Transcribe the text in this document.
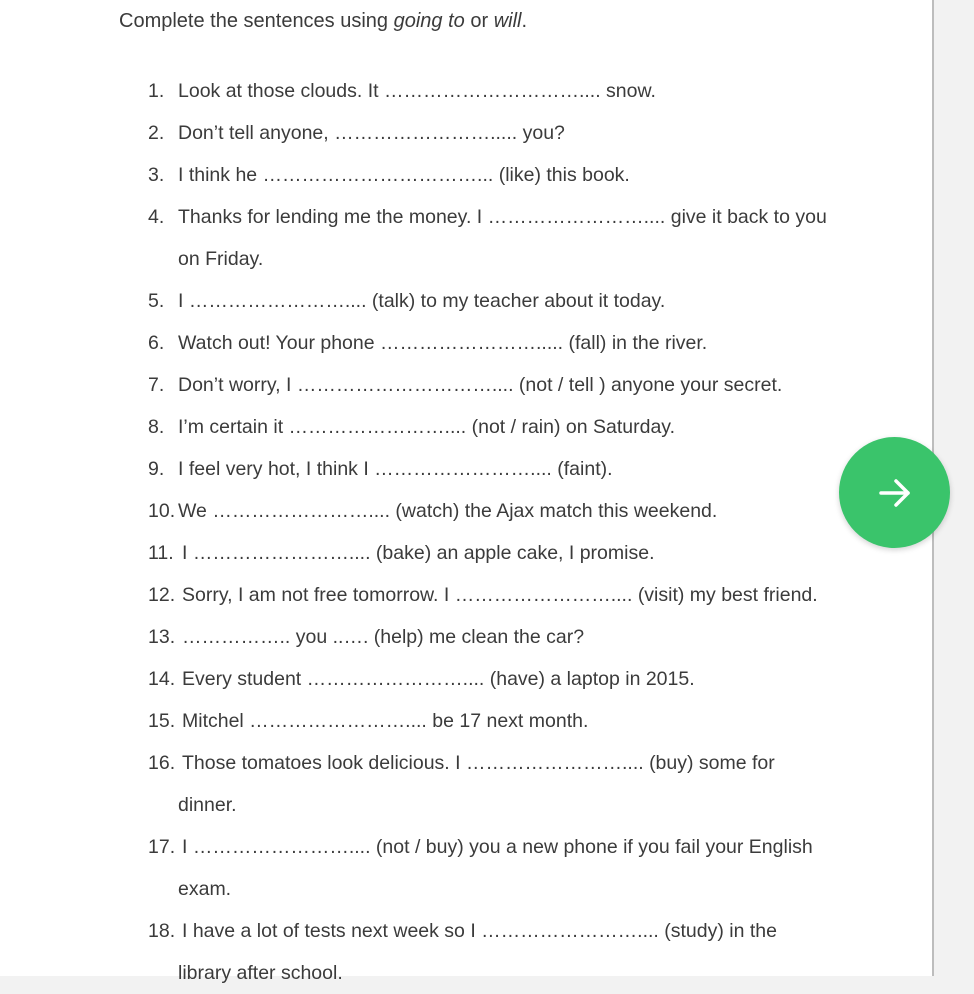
Complete the sentences using going to or will.
1. Look at those clouds. It ………………………….... snow.
2. Don’t tell anyone, ……………………..... you?
3. I think he ……………………………... (like) this book.
4. Thanks for lending me the money. I …………………….... give it back to you
on Friday.
5. I …………………….... (talk) to my teacher about it today.
6. Watch out! Your phone ……………………..... (fall) in the river.
7. Don’t worry, I ………………………….... (not / tell ) anyone your secret.
8. I’m certain it …………………….... (not / rain) on Saturday.
9. I feel very hot, I think I …………………….... (faint).
10. We …………………….... (watch) the Ajax match this weekend.
11. I …………………….... (bake) an apple cake, I promise.
12. Sorry, I am not free tomorrow. I …………………….... (visit) my best friend.
13. …………….. you ..…. (help) me clean the car?
14. Every student …………………….... (have) a laptop in 2015.
15. Mitchel …………………….... be 17 next month.
16. Those tomatoes look delicious. I …………………….... (buy) some for
dinner.
17. I …………………….... (not / buy) you a new phone if you fail your English
exam.
18. I have a lot of tests next week so I …………………….... (study) in the
library after school.
